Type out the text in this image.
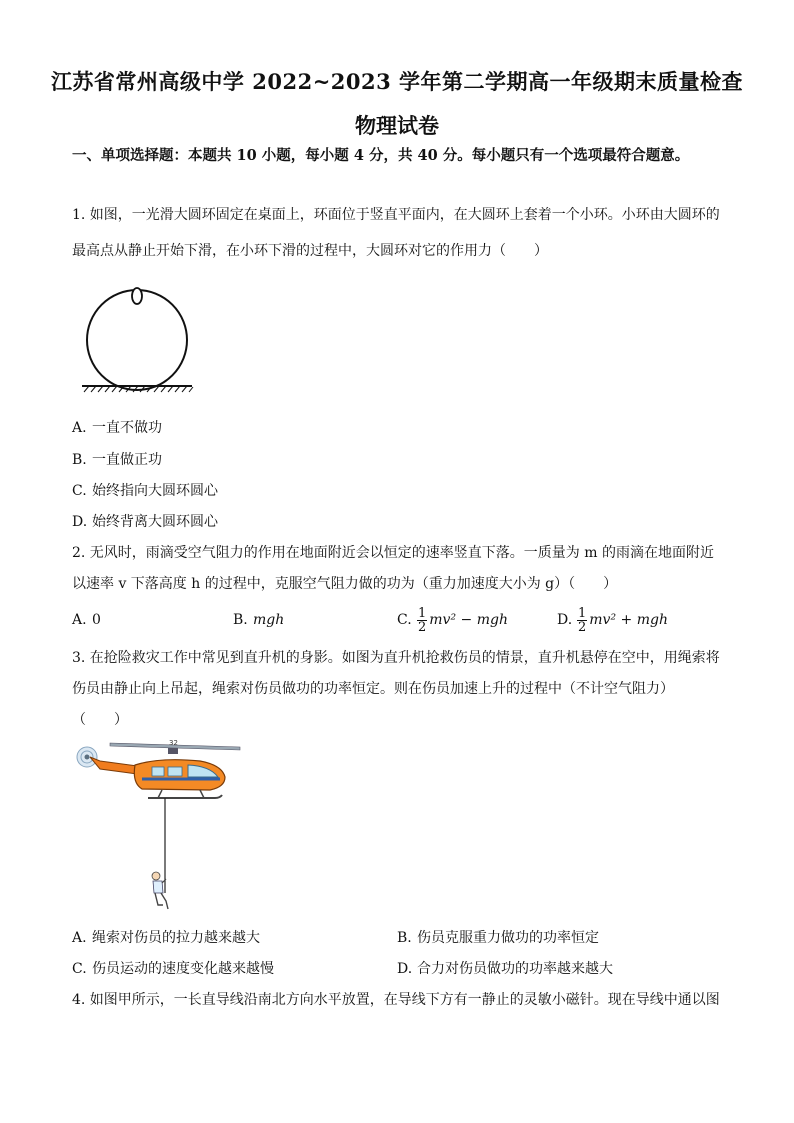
江苏省常州高级中学 2022~2023 学年第二学期高一年级期末质量检查
物理试卷
一、单项选择题：本题共 10 小题，每小题 4 分，共 40 分。每小题只有一个选项最符合题意。
1. 如图，一光滑大圆环固定在桌面上，环面位于竖直平面内，在大圆环上套着一个小环。小环由大圆环的
最高点从静止开始下滑，在小环下滑的过程中，大圆环对它的作用力（　　）
A. 一直不做功
B. 一直做正功
C. 始终指向大圆环圆心
D. 始终背离大圆环圆心
2. 无风时，雨滴受空气阻力的作用在地面附近会以恒定的速率竖直下落。一质量为 m 的雨滴在地面附近
以速率 v 下落高度 h 的过程中，克服空气阻力做的功为（重力加速度大小为 g）（　　）
A. 0	B. mgh	C. $\frac{1}{2} mv^2$ − mgh	D. $\frac{1}{2} mv^2$ + mgh
3. 在抢险救灾工作中常见到直升机的身影。如图为直升机抢救伤员的情景，直升机悬停在空中，用绳索将
伤员由静止向上吊起，绳索对伤员做功的功率恒定。则在伤员加速上升的过程中（不计空气阻力）
（　　）
32
A. 绳索对伤员的拉力越来越大	B. 伤员克服重力做功的功率恒定
C. 伤员运动的速度变化越来越慢	D. 合力对伤员做功的功率越来越大
4. 如图甲所示，一长直导线沿南北方向水平放置，在导线下方有一静止的灵敏小磁针。现在导线中通以图
